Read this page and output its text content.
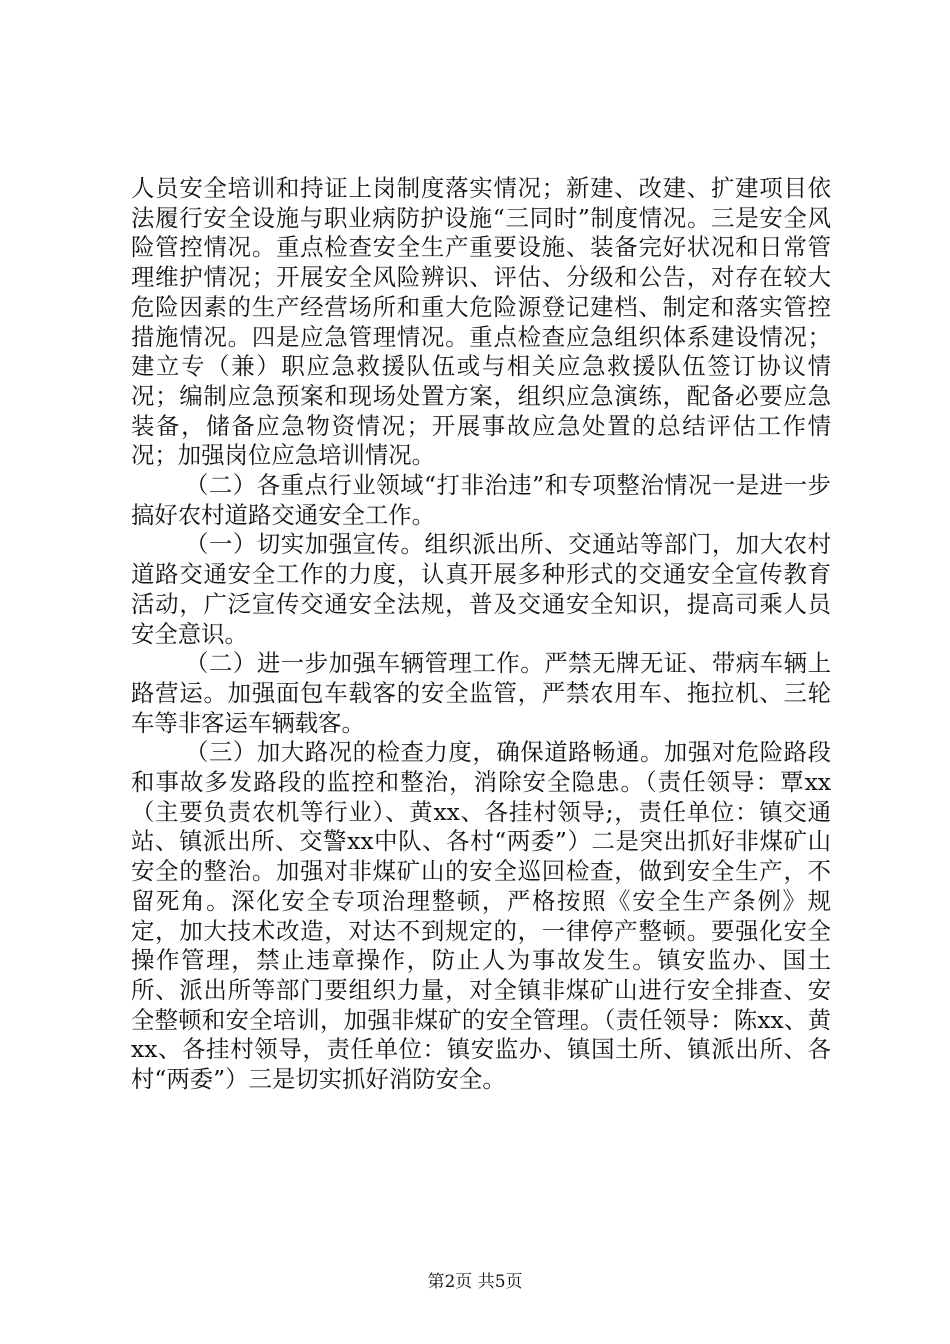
人员安全培训和持证上岗制度落实情况；新建、改建、扩建项目依法履行安全设施与职业病防护设施“三同时”制度情况。三是安全风险管控情况。重点检查安全生产重要设施、装备完好状况和日常管理维护情况；开展安全风险辨识、评估、分级和公告，对存在较大危险因素的生产经营场所和重大危险源登记建档、制定和落实管控措施情况。四是应急管理情况。重点检查应急组织体系建设情况；建立专（兼）职应急救援队伍或与相关应急救援队伍签订协议情况；编制应急预案和现场处置方案，组织应急演练，配备必要应急装备，储备应急物资情况；开展事故应急处置的总结评估工作情况；加强岗位应急培训情况。

（二）各重点行业领域“打非治违”和专项整治情况一是进一步搞好农村道路交通安全工作。

（一）切实加强宣传。组织派出所、交通站等部门，加大农村道路交通安全工作的力度，认真开展多种形式的交通安全宣传教育活动，广泛宣传交通安全法规，普及交通安全知识，提高司乘人员安全意识。

（二）进一步加强车辆管理工作。严禁无牌无证、带病车辆上路营运。加强面包车载客的安全监管，严禁农用车、拖拉机、三轮车等非客运车辆载客。

（三）加大路况的检查力度，确保道路畅通。加强对危险路段和事故多发路段的监控和整治，消除安全隐患。（责任领导：覃xx（主要负责农机等行业）、黄xx、各挂村领导;，责任单位：镇交通站、镇派出所、交警xx中队、各村“两委”）二是突出抓好非煤矿山安全的整治。加强对非煤矿山的安全巡回检查，做到安全生产，不留死角。深化安全专项治理整顿，严格按照《安全生产条例》规定，加大技术改造，对达不到规定的，一律停产整顿。要强化安全操作管理，禁止违章操作，防止人为事故发生。镇安监办、国土所、派出所等部门要组织力量，对全镇非煤矿山进行安全排查、安全整顿和安全培训，加强非煤矿的安全管理。（责任领导：陈xx、黄xx、各挂村领导，责任单位：镇安监办、镇国土所、镇派出所、各村“两委”）三是切实抓好消防安全。

第2页 共5页
